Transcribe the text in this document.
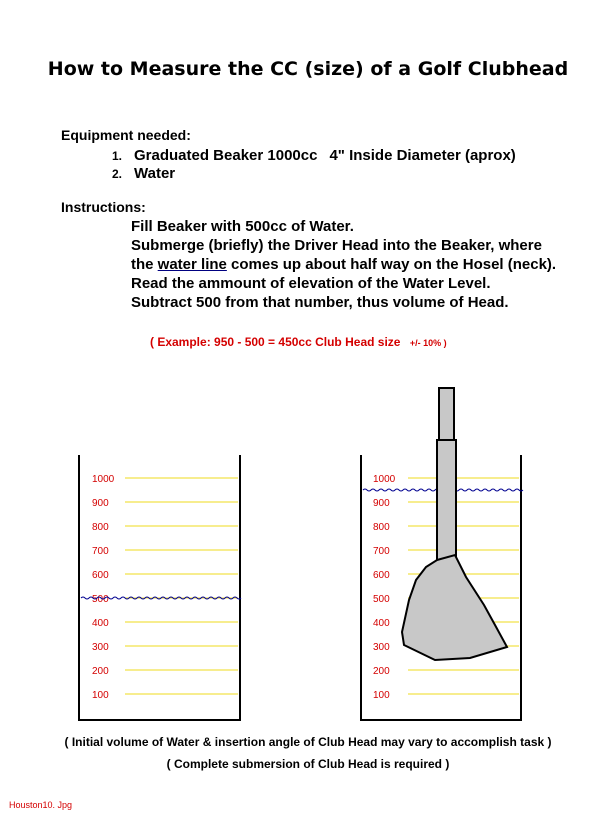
How to Measure the CC (size) of a Golf Clubhead
Equipment needed:
1. Graduated Beaker 1000cc 4" Inside Diameter (aprox)
2. Water
Instructions:
Fill Beaker with 500cc of Water.
Submerge (briefly) the Driver Head into the Beaker, where
the water line comes up about half way on the Hosel (neck).
Read the ammount of elevation of the Water Level.
Subtract 500 from that number, thus volume of Head.
( Example: 950 - 500 = 450cc Club Head size +/- 10% )
1000
900
800
700
600
500
400
300
200
100
1000
900
800
700
600
500
400
300
200
100
( Initial volume of Water & insertion angle of Club Head may vary to accomplish task )
( Complete submersion of Club Head is required )
Houston10. Jpg
